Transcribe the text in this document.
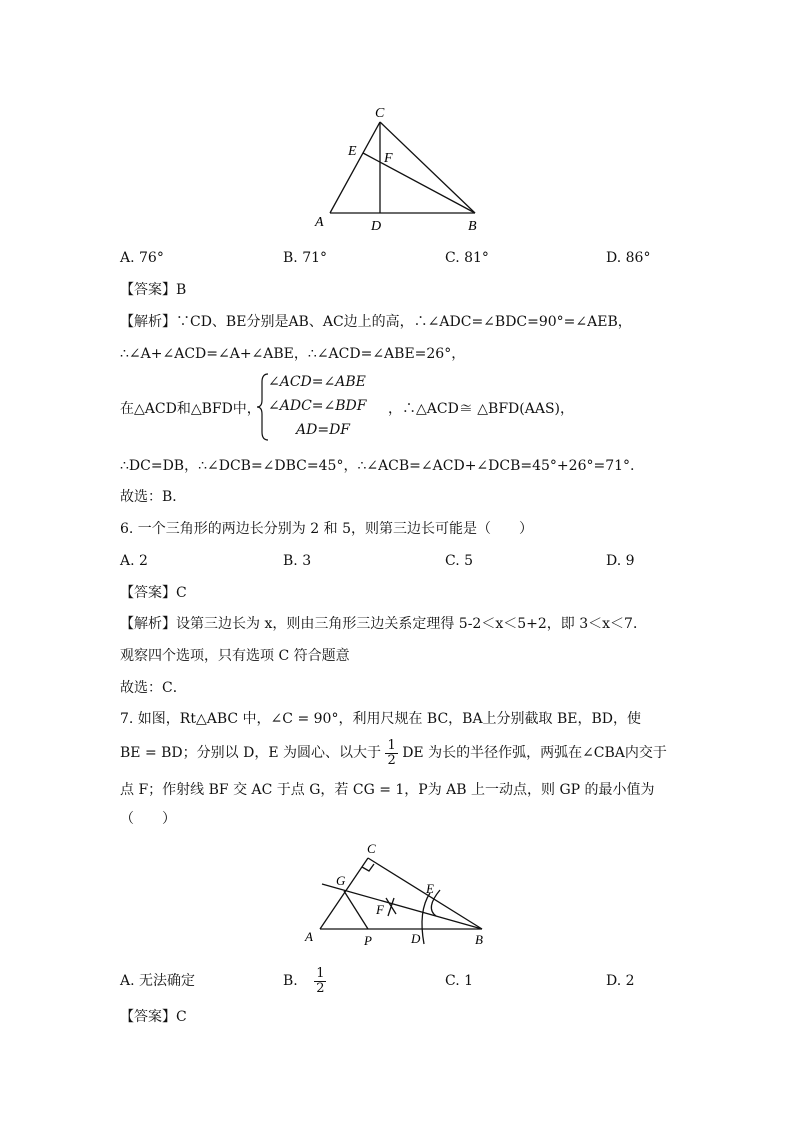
C
E F
A	D	B
A. 76°	B. 71°	C. 81°	D. 86°
【答案】B
【解析】∵CD、BE分别是AB、AC边上的高，∴∠ADC=∠BDC=90°=∠AEB，
∴∠A+∠ACD=∠A+∠ABE，∴∠ACD=∠ABE=26°，
在△ACD和△BFD中，
∠ACD=∠ABE
∠ADC=∠BDF ，∴△ACD≅ △BFD(AAS)，
AD=DF
∴DC=DB，∴∠DCB=∠DBC=45°，∴∠ACB=∠ACD+∠DCB=45°+26°=71°.
故选：B．
6. 一个三角形的两边长分别为 2 和 5，则第三边长可能是（　　）
A. 2	B. 3	C. 5	D. 9
【答案】C
【解析】设第三边长为 x，则由三角形三边关系定理得 5-2＜x＜5+2，即 3＜x＜7．
观察四个选项，只有选项 C 符合题意
故选：C．
7. 如图，Rt△ABC 中，∠C = 90°，利用尺规在 BC，BA上分别截取 BE，BD，使
BE = BD；分别以 D，E 为圆心、以大于 $\frac{1}{2}$ DE 为长的半径作弧，两弧在∠CBA内交于
点 F；作射线 BF 交 AC 于点 G，若 CG = 1，P为 AB 上一动点，则 GP 的最小值为
（　　）
C
G
E
F
A	P	D	B
A. 无法确定	B. $\frac{1}{2}$	C. 1	D. 2
【答案】C
